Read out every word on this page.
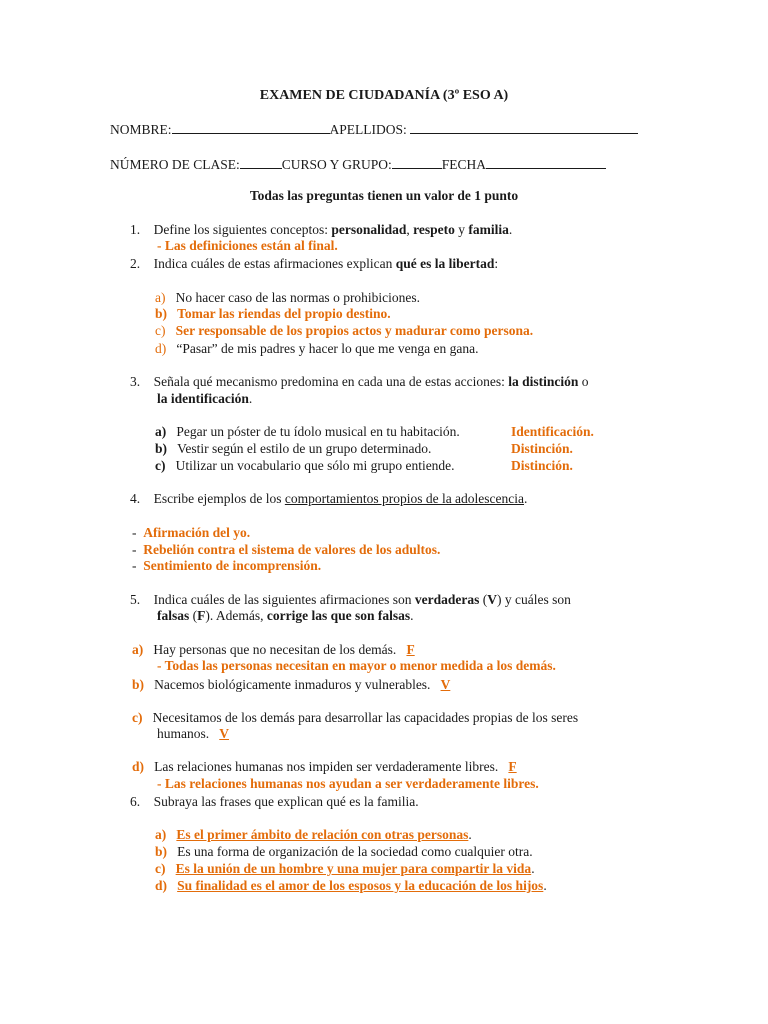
EXAMEN DE CIUDADANÍA (3º ESO A)
NOMBRE:	APELLIDOS:
NÚMERO DE CLASE:	CURSO Y GRUPO:	FECHA
Todas las preguntas tienen un valor de 1 punto
1. Define los siguientes conceptos: personalidad, respeto y familia.
- Las definiciones están al final.
2. Indica cuáles de estas afirmaciones explican qué es la libertad:
a) No hacer caso de las normas o prohibiciones.
b) Tomar las riendas del propio destino.
c) Ser responsable de los propios actos y madurar como persona.
d) “Pasar” de mis padres y hacer lo que me venga en gana.
3. Señala qué mecanismo predomina en cada una de estas acciones: la distinción o
la identificación.
a) Pegar un póster de tu ídolo musical en tu habitación.	Identificación.
b) Vestir según el estilo de un grupo determinado.	Distinción.
c) Utilizar un vocabulario que sólo mi grupo entiende.	Distinción.
4. Escribe ejemplos de los comportamientos propios de la adolescencia.
- Afirmación del yo.
- Rebelión contra el sistema de valores de los adultos.
- Sentimiento de incomprensión.
5. Indica cuáles de las siguientes afirmaciones son verdaderas (V) y cuáles son
falsas (F). Además, corrige las que son falsas.
a) Hay personas que no necesitan de los demás. F
- Todas las personas necesitan en mayor o menor medida a los demás.
b) Nacemos biológicamente inmaduros y vulnerables. V
c) Necesitamos de los demás para desarrollar las capacidades propias de los seres
humanos. V
d) Las relaciones humanas nos impiden ser verdaderamente libres. F
- Las relaciones humanas nos ayudan a ser verdaderamente libres.
6. Subraya las frases que explican qué es la familia.
a) Es el primer ámbito de relación con otras personas.
b) Es una forma de organización de la sociedad como cualquier otra.
c) Es la unión de un hombre y una mujer para compartir la vida.
d) Su finalidad es el amor de los esposos y la educación de los hijos.
